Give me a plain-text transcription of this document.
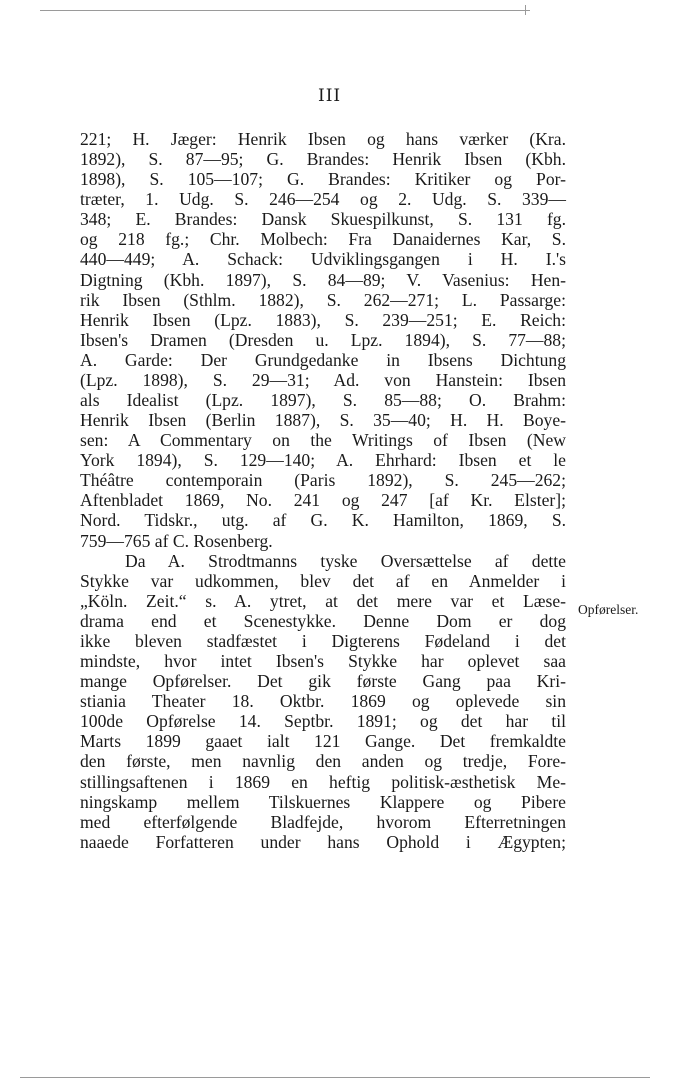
III
221; H. Jæger: Henrik Ibsen og hans værker (Kra.
1892), S. 87—95; G. Brandes: Henrik Ibsen (Kbh.
1898), S. 105—107; G. Brandes: Kritiker og Por-
træter, 1. Udg. S. 246—254 og 2. Udg. S. 339—
348; E. Brandes: Dansk Skuespilkunst, S. 131 fg.
og 218 fg.; Chr. Molbech: Fra Danaidernes Kar, S.
440—449; A. Schack: Udviklingsgangen i H. I.'s
Digtning (Kbh. 1897), S. 84—89; V. Vasenius: Hen-
rik Ibsen (Sthlm. 1882), S. 262—271; L. Passarge:
Henrik Ibsen (Lpz. 1883), S. 239—251; E. Reich:
Ibsen's Dramen (Dresden u. Lpz. 1894), S. 77—88;
A. Garde: Der Grundgedanke in Ibsens Dichtung
(Lpz. 1898), S. 29—31; Ad. von Hanstein: Ibsen
als Idealist (Lpz. 1897), S. 85—88; O. Brahm:
Henrik Ibsen (Berlin 1887), S. 35—40; H. H. Boye-
sen: A Commentary on the Writings of Ibsen (New
York 1894), S. 129—140; A. Ehrhard: Ibsen et le
Théâtre contemporain (Paris 1892), S. 245—262;
Aftenbladet 1869, No. 241 og 247 [af Kr. Elster];
Nord. Tidskr., utg. af G. K. Hamilton, 1869, S.
759—765 af C. Rosenberg.
Da A. Strodtmanns tyske Oversættelse af dette
Stykke var udkommen, blev det af en Anmelder i
„Köln. Zeit.“ s. A. ytret, at det mere var et Læse-
drama end et Scenestykke. Denne Dom er dog
ikke bleven stadfæstet i Digterens Fødeland i det
mindste, hvor intet Ibsen's Stykke har oplevet saa
mange Opførelser. Det gik første Gang paa Kri-
stiania Theater 18. Oktbr. 1869 og oplevede sin
100de Opførelse 14. Septbr. 1891; og det har til
Marts 1899 gaaet ialt 121 Gange. Det fremkaldte
den første, men navnlig den anden og tredje, Fore-
stillingsaftenen i 1869 en heftig politisk-æsthetisk Me-
ningskamp mellem Tilskuernes Klappere og Pibere
med efterfølgende Bladfejde, hvorom Efterretningen
naaede Forfatteren under hans Ophold i Ægypten;
Opførelser.
